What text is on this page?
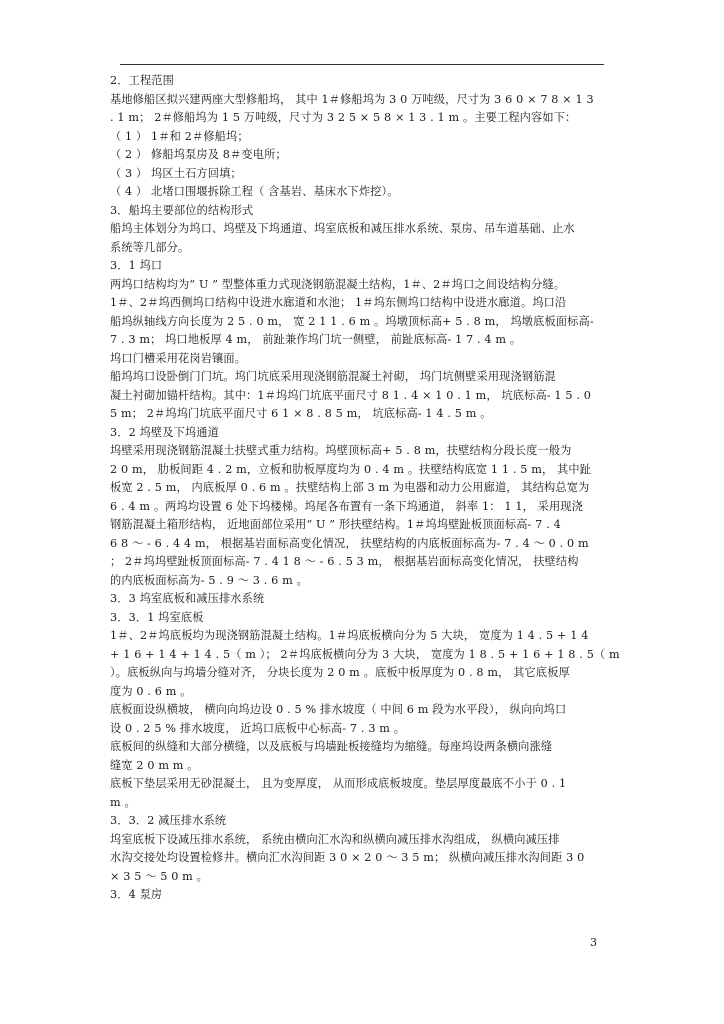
2．工程范围
基地修船区拟兴建两座大型修船坞， 其中 1＃修船坞为 3 0 万吨级，尺寸为 3 6 0 × 7 8 × 1 3
. 1 m； 2＃修船坞为 1 5 万吨级，尺寸为 3 2 5 × 5 8 × 1 3 . 1 m 。主要工程内容如下：
（ 1 ） 1＃和 2＃修船坞；
（ 2 ） 修船坞泵房及 8＃变电所；
（ 3 ） 坞区土石方回填；
（ 4 ） 北堵口围堰拆除工程（ 含基岩、基床水下炸挖）。
3．船坞主要部位的结构形式
船坞主体划分为坞口、坞壁及下坞通道、坞室底板和减压排水系统、泵房、吊车道基础、止水
系统等几部分。
3．1 坞口
两坞口结构均为“ U ” 型整体重力式现浇钢筋混凝土结构，1＃、2＃坞口之间设结构分缝。
1＃、2＃坞西侧坞口结构中设进水廊道和水池； 1＃坞东侧坞口结构中设进水廊道。坞口沿
船坞纵轴线方向长度为 2 5 . 0 m， 宽 2 1 1 . 6 m 。坞墩顶标高+ 5 . 8 m， 坞墩底板面标高-
7 . 3 m； 坞口地板厚 4 m， 前趾兼作坞门坑一侧壁， 前趾底标高- 1 7 . 4 m 。
坞口门槽采用花岗岩镶面。
船坞坞口设卧倒门门坑。坞门坑底采用现浇钢筋混凝土衬砌， 坞门坑侧壁采用现浇钢筋混
凝土衬砌加锚杆结构。其中：1＃坞坞门坑底平面尺寸 8 1 . 4 × 1 0 . 1 m， 坑底标高- 1 5 . 0
5 m； 2＃坞坞门坑底平面尺寸 6 1 × 8 . 8 5 m， 坑底标高- 1 4 . 5 m 。
3．2 坞壁及下坞通道
坞壁采用现浇钢筋混凝土扶壁式重力结构。坞壁顶标高+ 5 . 8 m，扶壁结构分段长度一般为
2 0 m， 肋板间距 4 . 2 m，立板和肋板厚度均为 0 . 4 m 。扶壁结构底宽 1 1 . 5 m， 其中趾
板宽 2 . 5 m， 内底板厚 0 . 6 m 。扶壁结构上部 3 m 为电器和动力公用廊道， 其结构总宽为
6 . 4 m 。两坞均设置 6 处下坞楼梯。坞尾各布置有一条下坞通道， 斜率 1： 1 1， 采用现浇
钢筋混凝土箱形结构， 近地面部位采用“ U ” 形扶壁结构。1＃坞坞壁趾板顶面标高- 7 . 4
6 8 ～ - 6 . 4 4 m， 根据基岩面标高变化情况， 扶壁结构的内底板面标高为- 7 . 4 ～ 0 . 0 m
； 2＃坞坞壁趾板顶面标高- 7 . 4 1 8 ～ - 6 . 5 3 m， 根据基岩面标高变化情况， 扶壁结构
的内底板面标高为- 5 . 9 ～ 3 . 6 m 。
3．3 坞室底板和减压排水系统
3．3．1 坞室底板
1＃、2＃坞底板均为现浇钢筋混凝土结构。1＃坞底板横向分为 5 大块， 宽度为 1 4 . 5 + 1 4
+ 1 6 + 1 4 + 1 4 . 5（ m ）； 2＃坞底板横向分为 3 大块， 宽度为 1 8 . 5 + 1 6 + 1 8 . 5（ m
）。底板纵向与坞墙分缝对齐， 分块长度为 2 0 m 。底板中板厚度为 0 . 8 m， 其它底板厚
度为 0 . 6 m 。
底板面设纵横坡， 横向向坞边设 0 . 5 % 排水坡度（ 中间 6 m 段为水平段）， 纵向向坞口
设 0 . 2 5 % 排水坡度， 近坞口底板中心标高- 7 . 3 m 。
底板间的纵缝和大部分横缝，以及底板与坞墙趾板接缝均为缩缝。每座坞设两条横向涨缝
缝宽 2 0 m m 。
底板下垫层采用无砂混凝土， 且为变厚度， 从而形成底板坡度。垫层厚度最底不小于 0 . 1
m 。
3．3．2 减压排水系统
坞室底板下设减压排水系统， 系统由横向汇水沟和纵横向减压排水沟组成， 纵横向减压排
水沟交接处均设置检修井。横向汇水沟间距 3 0 × 2 0 ～ 3 5 m； 纵横向减压排水沟间距 3 0
× 3 5 ～ 5 0 m 。
3．4 泵房
3
